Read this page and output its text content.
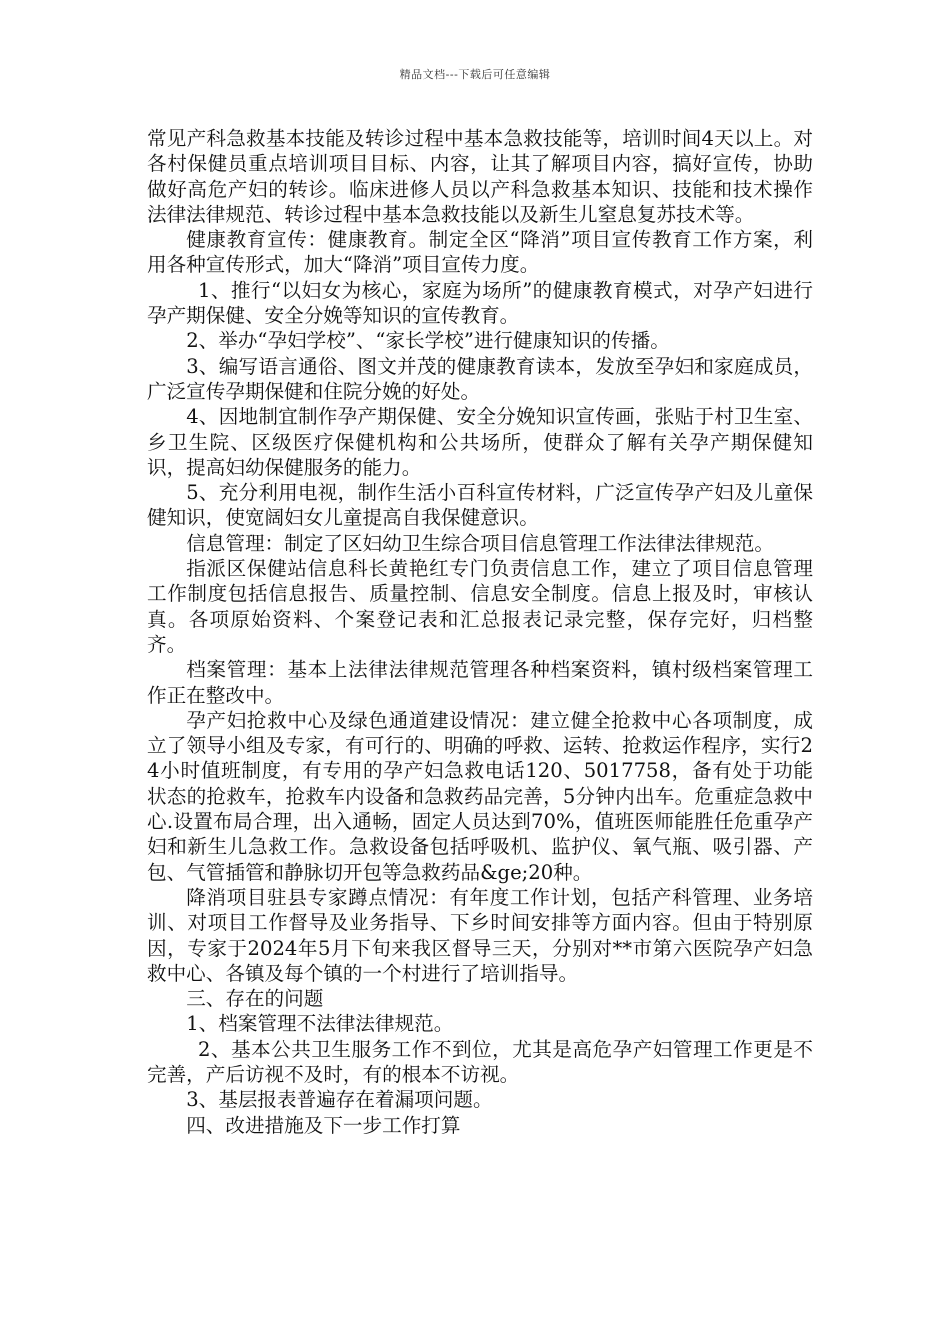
精品文档---下载后可任意编辑

常见产科急救基本技能及转诊过程中基本急救技能等，培训时间4天以上。对各村保健员重点培训项目目标、内容，让其了解项目内容，搞好宣传，协助做好高危产妇的转诊。临床进修人员以产科急救基本知识、技能和技术操作法律法律规范、转诊过程中基本急救技能以及新生儿窒息复苏技术等。

健康教育宣传：健康教育。制定全区“降消”项目宣传教育工作方案，利用各种宣传形式，加大“降消”项目宣传力度。

1、推行“以妇女为核心，家庭为场所”的健康教育模式，对孕产妇进行孕产期保健、安全分娩等知识的宣传教育。

2、举办“孕妇学校”、“家长学校”进行健康知识的传播。

3、编写语言通俗、图文并茂的健康教育读本，发放至孕妇和家庭成员，广泛宣传孕期保健和住院分娩的好处。

4、因地制宜制作孕产期保健、安全分娩知识宣传画，张贴于村卫生室、乡卫生院、区级医疗保健机构和公共场所，使群众了解有关孕产期保健知识，提高妇幼保健服务的能力。

5、充分利用电视，制作生活小百科宣传材料，广泛宣传孕产妇及儿童保健知识，使宽阔妇女儿童提高自我保健意识。

信息管理：制定了区妇幼卫生综合项目信息管理工作法律法律规范。

指派区保健站信息科长黄艳红专门负责信息工作，建立了项目信息管理工作制度包括信息报告、质量控制、信息安全制度。信息上报及时，审核认真。各项原始资料、个案登记表和汇总报表记录完整，保存完好，归档整齐。

档案管理：基本上法律法律规范管理各种档案资料，镇村级档案管理工作正在整改中。

孕产妇抢救中心及绿色通道建设情况：建立健全抢救中心各项制度，成立了领导小组及专家，有可行的、明确的呼救、运转、抢救运作程序，实行24小时值班制度，有专用的孕产妇急救电话120、5017758，备有处于功能状态的抢救车，抢救车内设备和急救药品完善，5分钟内出车。危重症急救中心.设置布局合理，出入通畅，固定人员达到70%，值班医师能胜任危重孕产妇和新生儿急救工作。急救设备包括呼吸机、监护仪、氧气瓶、吸引器、产包、气管插管和静脉切开包等急救药品&ge;20种。

降消项目驻县专家蹲点情况：有年度工作计划，包括产科管理、业务培训、对项目工作督导及业务指导、下乡时间安排等方面内容。但由于特别原因，专家于2024年5月下旬来我区督导三天，分别对**市第六医院孕产妇急救中心、各镇及每个镇的一个村进行了培训指导。

三、存在的问题

1、档案管理不法律法律规范。

2、基本公共卫生服务工作不到位，尤其是高危孕产妇管理工作更是不完善，产后访视不及时，有的根本不访视。

3、基层报表普遍存在着漏项问题。

四、改进措施及下一步工作打算
